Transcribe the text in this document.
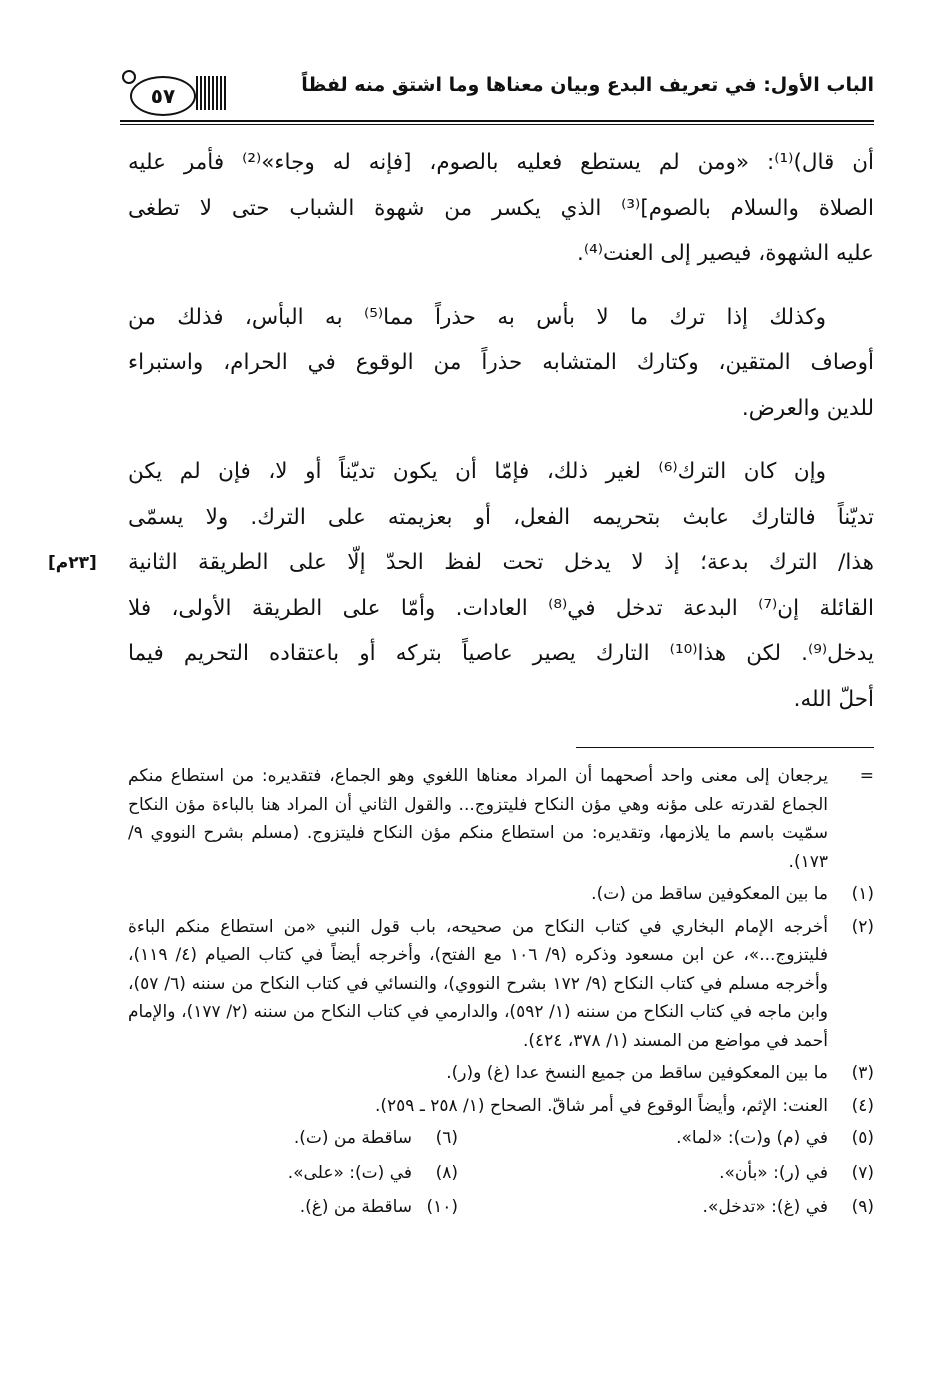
الباب الأول: في تعريف البدع وبيان معناها وما اشتق منه لفظاً
٥٧
أن قال)⁽¹⁾: «ومن لم يستطع فعليه بالصوم، [فإنه له وجاء»⁽²⁾ فأمر عليه
الصلاة والسلام بالصوم]⁽³⁾ الذي يكسر من شهوة الشباب حتى لا تطغى
عليه الشهوة، فيصير إلى العنت⁽⁴⁾.
وكذلك إذا ترك ما لا بأس به حذراً مما⁽⁵⁾ به البأس، فذلك من
أوصاف المتقين، وكتارك المتشابه حذراً من الوقوع في الحرام، واستبراء
للدين والعرض.
وإن كان الترك⁽⁶⁾ لغير ذلك، فإمّا أن يكون تديّناً أو لا، فإن لم يكن
تديّناً فالتارك عابث بتحريمه الفعل، أو بعزيمته على الترك. ولا يسمّى
هذا/ الترك بدعة؛ إذ لا يدخل تحت لفظ الحدّ إلّا على الطريقة الثانية
القائلة إن⁽⁷⁾ البدعة تدخل في⁽⁸⁾ العادات. وأمّا على الطريقة الأولى، فلا
يدخل⁽⁹⁾. لكن هذا⁽¹⁰⁾ التارك يصير عاصياً بتركه أو باعتقاده التحريم فيما
أحلّ الله.
[٢٣م]
=
يرجعان إلى معنى واحد أصحهما أن المراد معناها اللغوي وهو الجماع، فتقديره: من استطاع منكم الجماع لقدرته على مؤنه وهي مؤن النكاح فليتزوج... والقول الثاني أن المراد هنا بالباءة مؤن النكاح سمّيت باسم ما يلازمها، وتقديره: من استطاع منكم مؤن النكاح فليتزوج. (مسلم بشرح النووي ٩/ ١٧٣).
(١)
ما بين المعكوفين ساقط من (ت).
(٢)
أخرجه الإمام البخاري في كتاب النكاح من صحيحه، باب قول النبي «من استطاع منكم الباءة فليتزوج...»، عن ابن مسعود وذكره (٩/ ١٠٦ مع الفتح)، وأخرجه أيضاً في كتاب الصيام (٤/ ١١٩)، وأخرجه مسلم في كتاب النكاح (٩/ ١٧٢ بشرح النووي)، والنسائي في كتاب النكاح من سننه (٦/ ٥٧)، وابن ماجه في كتاب النكاح من سننه (١/ ٥٩٢)، والدارمي في كتاب النكاح من سننه (٢/ ١٧٧)، والإمام أحمد في مواضع من المسند (١/ ٣٧٨، ٤٢٤).
(٣)
ما بين المعكوفين ساقط من جميع النسخ عدا (غ) و(ر).
(٤)
العنت: الإثم، وأيضاً الوقوع في أمر شاقّ. الصحاح (١/ ٢٥٨ ـ ٢٥٩).
(٥)
في (م) و(ت): «لما».
(٦)
ساقطة من (ت).
(٧)
في (ر): «بأن».
(٨)
في (ت): «على».
(٩)
في (غ): «تدخل».
(١٠)
ساقطة من (غ).
